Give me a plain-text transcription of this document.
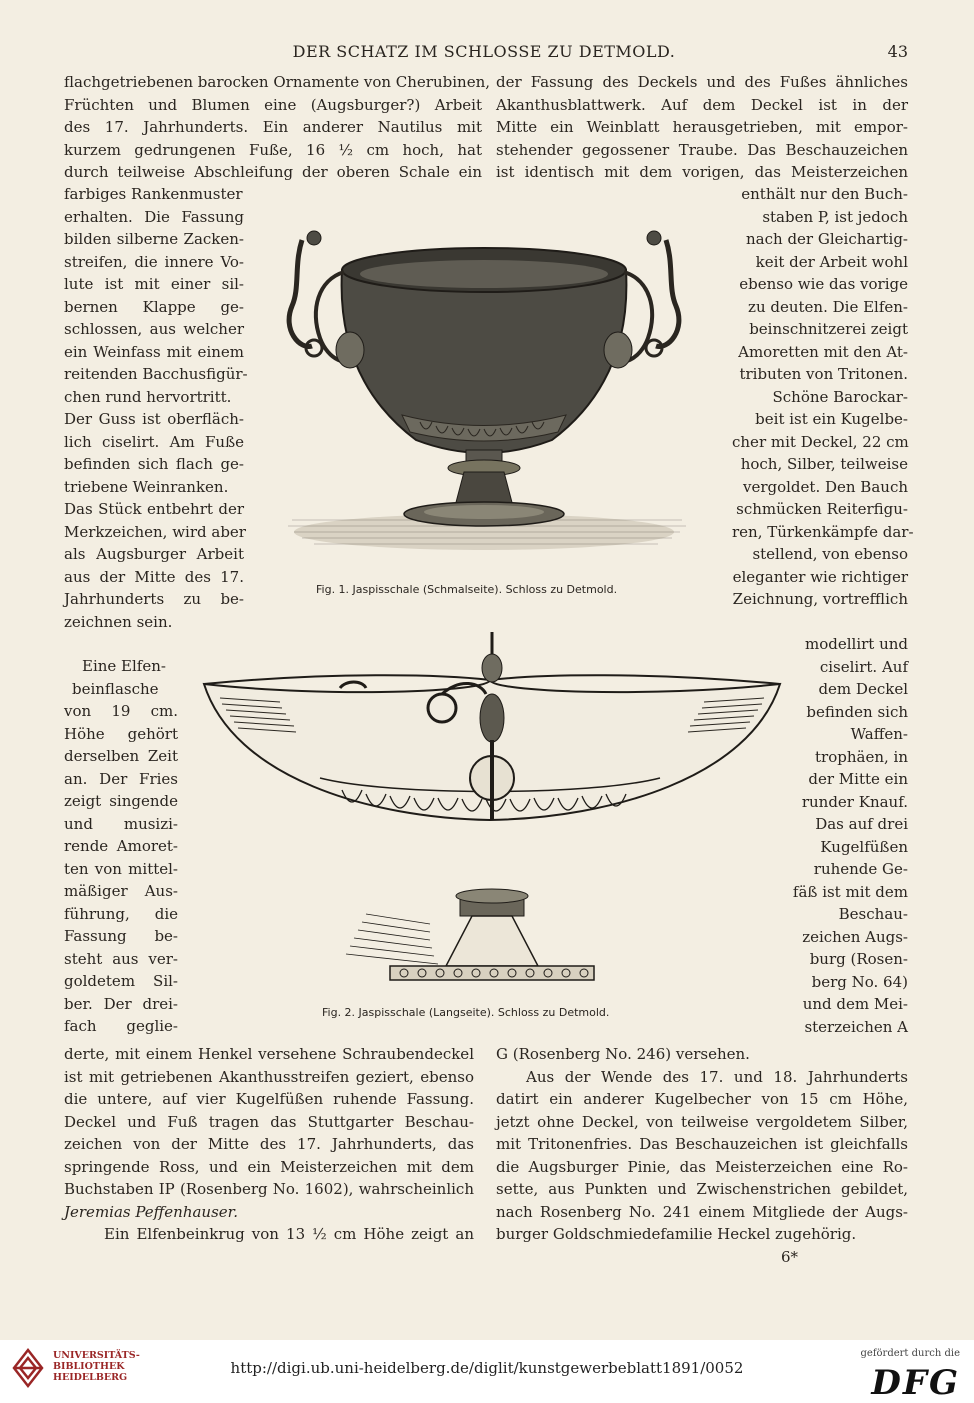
DER SCHATZ IM SCHLOSSE ZU DETMOLD.	43

flachgetriebenen barocken Ornamente von Cherubinen,

Früchten und Blumen eine (Augsburger?) Arbeit

des 17. Jahrhunderts. Ein anderer Nautilus mit

kurzem gedrungenen Fuße, 16 ½ cm hoch, hat

durch teilweise Abschleifung der oberen Schale ein

farbiges Rankenmuster

erhalten. Die Fassung

bilden silberne Zacken-

streifen, die innere Vo-

lute ist mit einer sil-

bernen Klappe ge-

schlossen, aus welcher

ein Weinfass mit einem

reitenden Bacchusfigür-

chen rund hervortritt.

Der Guss ist oberfläch-

lich ciselirt. Am Fuße

befinden sich flach ge-

triebene Weinranken.

Das Stück entbehrt der

Merkzeichen, wird aber

als Augsburger Arbeit

aus der Mitte des 17.

Jahrhunderts zu be-

zeichnen sein.

Eine Elfen-

beinflasche

von 19 cm.

Höhe gehört

derselben Zeit

an. Der Fries

zeigt singende

und musizi-

rende Amoret-

ten von mittel-

mäßiger Aus-

führung, die

Fassung be-

steht aus ver-

goldetem Sil-

ber. Der drei-

fach geglie-

der Fassung des Deckels und des Fußes ähnliches

Akanthusblattwerk. Auf dem Deckel ist in der

Mitte ein Weinblatt herausgetrieben, mit empor-

stehender gegossener Traube. Das Beschauzeichen

ist identisch mit dem vorigen, das Meisterzeichen

enthält nur den Buch-

staben P, ist jedoch

nach der Gleichartig-

keit der Arbeit wohl

ebenso wie das vorige

zu deuten. Die Elfen-

beinschnitzerei zeigt

Amoretten mit den At-

tributen von Tritonen.

Schöne Barockar-

beit ist ein Kugelbe-

cher mit Deckel, 22 cm

hoch, Silber, teilweise

vergoldet. Den Bauch

schmücken Reiterfigu-

ren, Türkenkämpfe dar-

stellend, von ebenso

eleganter wie richtiger

Zeichnung, vortrefflich

modellirt und

ciselirt. Auf

dem Deckel

befinden sich

Waffen-

trophäen, in

der Mitte ein

runder Knauf.

Das auf drei

Kugelfüßen

ruhende Ge-

fäß ist mit dem

Beschau-

zeichen Augs-

burg (Rosen-

berg No. 64)

und dem Mei-

sterzeichen A

Fig. 1. Jaspisschale (Schmalseite). Schloss zu Detmold.
Fig. 2. Jaspisschale (Langseite). Schloss zu Detmold.

derte, mit einem Henkel versehene Schraubendeckel

ist mit getriebenen Akanthusstreifen geziert, ebenso

die untere, auf vier Kugelfüßen ruhende Fassung.

Deckel und Fuß tragen das Stuttgarter Beschau-

zeichen von der Mitte des 17. Jahrhunderts, das

springende Ross, und ein Meisterzeichen mit dem

Buchstaben IP (Rosenberg No. 1602), wahrscheinlich

Jeremias Peffenhauser.

Ein Elfenbeinkrug von 13 ½ cm Höhe zeigt an

G (Rosenberg No. 246) versehen.

Aus der Wende des 17. und 18. Jahrhunderts

datirt ein anderer Kugelbecher von 15 cm Höhe,

jetzt ohne Deckel, von teilweise vergoldetem Silber,

mit Tritonenfries. Das Beschauzeichen ist gleichfalls

die Augsburger Pinie, das Meisterzeichen eine Ro-

sette, aus Punkten und Zwischenstrichen gebildet,

nach Rosenberg No. 241 einem Mitgliede der Augs-

burger Goldschmiedefamilie Heckel zugehörig.

6*

UNIVERSITÄTS-
BIBLIOTHEK
HEIDELBERG
http://digi.ub.uni-heidelberg.de/diglit/kunstgewerbeblatt1891/0052
gefördert durch die
DFG
